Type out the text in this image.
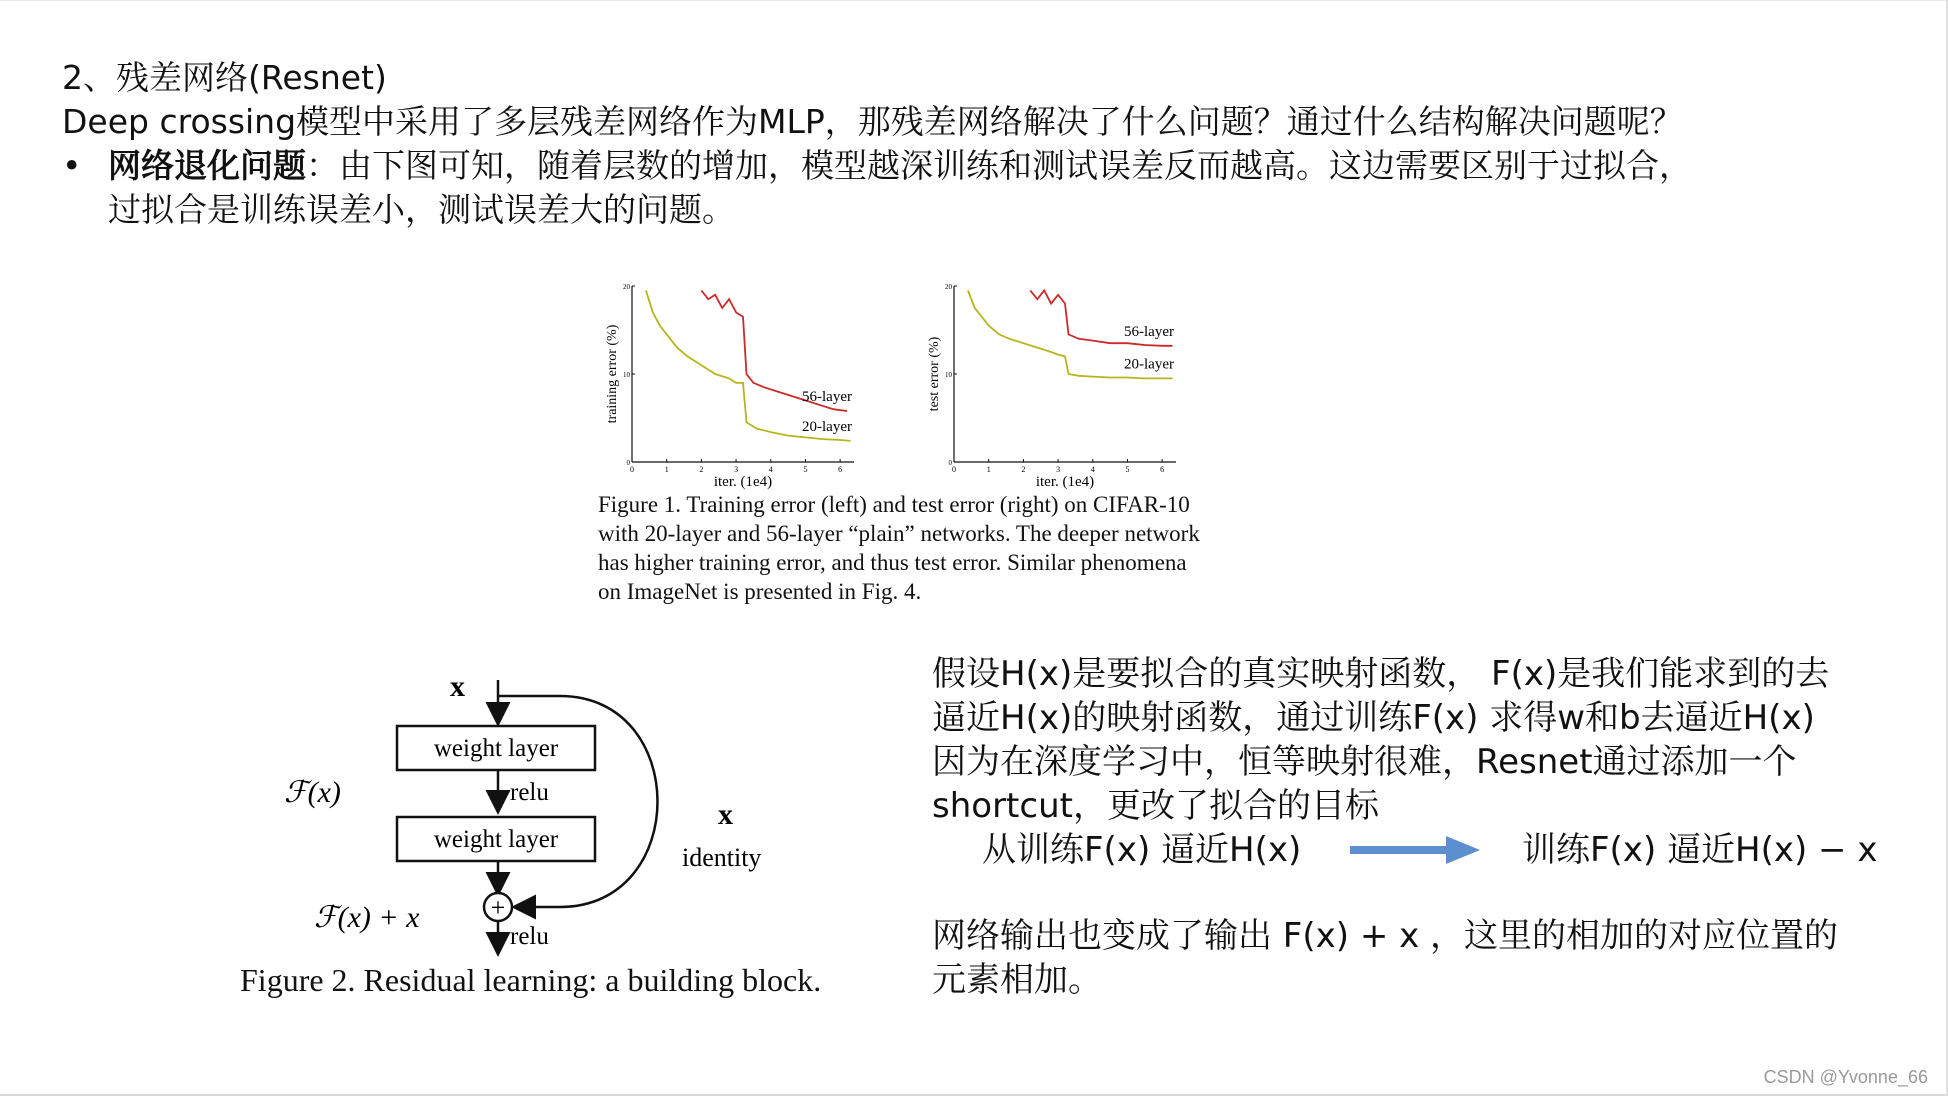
2、残差网络(Resnet)
Deep crossing模型中采用了多层残差网络作为MLP，那残差网络解决了什么问题？通过什么结构解决问题呢？
• 网络退化问题：由下图可知，随着层数的增加，模型越深训练和测试误差反而越高。这边需要区别于过拟合，
过拟合是训练误差小，测试误差大的问题。
0	1	2	3	4	5	6
0
10
20
iter. (1e4)
training error (%)	56-layer
20-layer
0	1	2	3	4	5	6
0
10
20
iter. (1e4)
test error (%)
56-layer
20-layer
Figure 1. Training error (left) and test error (right) on CIFAR-10
with 20-layer and 56-layer “plain” networks. The deeper network
has higher training error, and thus test error. Similar phenomena
on ImageNet is presented in Fig. 4.
x
weight layer
relu
weight layer
+
relu
x
identity
ℱ(x)
ℱ(x) + x
Figure 2. Residual learning: a building block.
假设H(x)是要拟合的真实映射函数， F(x)是我们能求到的去
逼近H(x)的映射函数，通过训练F(x) 求得w和b去逼近H(x)
因为在深度学习中，恒等映射很难，Resnet通过添加一个
shortcut，更改了拟合的目标
从训练F(x) 逼近H(x)	训练F(x) 逼近H(x) − x
网络输出也变成了输出 F(x) + x ，这里的相加的对应位置的
元素相加。
CSDN @Yvonne_66
